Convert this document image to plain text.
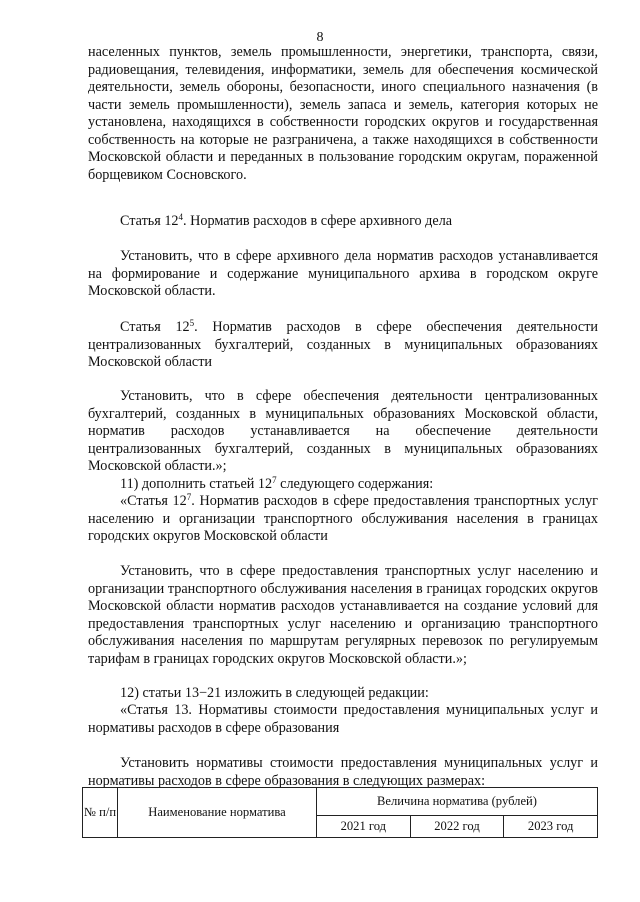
8

населенных пунктов, земель промышленности, энергетики, транспорта, связи, радиовещания, телевидения, информатики, земель для обеспечения космической деятельности, земель обороны, безопасности, иного специального назначения (в части земель промышленности), земель запаса и земель, категория которых не установлена, находящихся в собственности городских округов и государственная собственность на которые не разграничена, а также находящихся в собственности Московской области и переданных в пользование городским округам, пораженной борщевиком Сосновского.

Статья $12^4$. Норматив расходов в сфере архивного дела

Установить, что в сфере архивного дела норматив расходов устанавливается на формирование и содержание муниципального архива в городском округе Московской области.

Статья $12^5$. Норматив расходов в сфере обеспечения деятельности централизованных бухгалтерий, созданных в муниципальных образованиях Московской области

Установить, что в сфере обеспечения деятельности централизованных бухгалтерий, созданных в муниципальных образованиях Московской области, норматив расходов устанавливается на обеспечение деятельности централизованных бухгалтерий, созданных в муниципальных образованиях Московской области.»;

11) дополнить статьей $12^7$ следующего содержания:

«Статья $12^7$. Норматив расходов в сфере предоставления транспортных услуг населению и организации транспортного обслуживания населения в границах городских округов Московской области

Установить, что в сфере предоставления транспортных услуг населению и организации транспортного обслуживания населения в границах городских округов Московской области норматив расходов устанавливается на создание условий для предоставления транспортных услуг населению и организацию транспортного обслуживания населения по маршрутам регулярных перевозок по регулируемым тарифам в границах городских округов Московской области.»;

12) статьи 13−21 изложить в следующей редакции:

«Статья 13. Нормативы стоимости предоставления муниципальных услуг и нормативы расходов в сфере образования

Установить нормативы стоимости предоставления муниципальных услуг и нормативы расходов в сфере образования в следующих размерах:

№ п/п	Наименование норматива	Величина норматива (рублей)		
		2021 год	2022 год	2023 год
